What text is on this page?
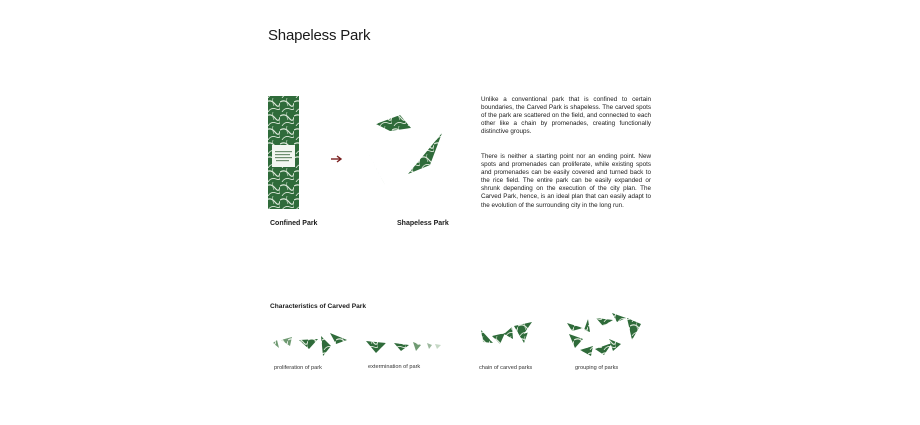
Shapeless Park
Unlike a conventional park that is confined to certain boundaries, the Carved Park is shapeless. The carved spots of the park are scattered on the field, and connected to each other like a chain by promenades, creating functionally distinctive groups.
There is neither a starting point nor an ending point. New spots and promenades can proliferate, while existing spots and promenades can be easily covered and turned back to the rice field. The entire park can be easily expanded or shrunk depending on the execution of the city plan. The Carved Park, hence, is an ideal plan that can easily adapt to the evolution of the surrounding city in the long run.
Confined Park	Shapeless Park
Characteristics of Carved Park
proliferation of park	extermination of park	chain of carved parks	grouping of parks
